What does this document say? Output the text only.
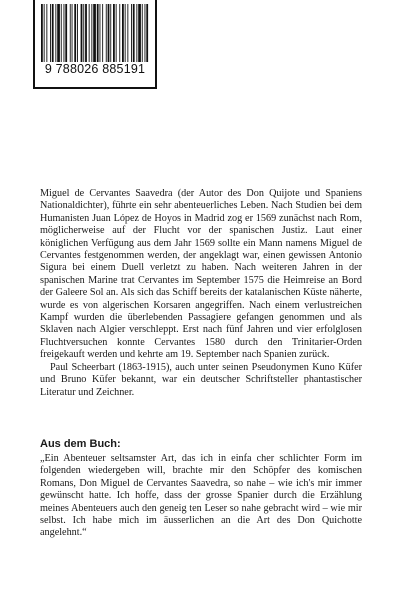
9 788026 885191

Miguel de Cervantes Saavedra (der Autor des Don Quijote und Spaniens Nationaldichter), führte ein sehr abenteuerliches Leben. Nach Studien bei dem Humanisten Juan López de Hoyos in Madrid zog er 1569 zunächst nach Rom, möglicherweise auf der Flucht vor der spanischen Justiz. Laut einer königlichen Verfügung aus dem Jahr 1569 sollte ein Mann namens Miguel de Cervantes festgenommen werden, der angeklagt war, einen gewissen Antonio Sigura bei einem Duell verletzt zu haben. Nach weiteren Jahren in der spanischen Marine trat Cervantes im September 1575 die Heimreise an Bord der Galeere Sol an. Als sich das Schiff bereits der katalanischen Küste näherte, wurde es von algerischen Korsaren angegriffen. Nach einem verlustreichen Kampf wurden die überlebenden Passagiere gefangen genommen und als Sklaven nach Algier verschleppt. Erst nach fünf Jahren und vier erfolglosen Fluchtversuchen konnte Cervantes 1580 durch den Trinitarier-Orden freigekauft werden und kehrte am 19. September nach Spanien zurück.

Paul Scheerbart (1863-1915), auch unter seinen Pseudonymen Kuno Küfer und Bruno Küfer bekannt, war ein deutscher Schriftsteller phantastischer Literatur und Zeichner.

Aus dem Buch:

„Ein Abenteuer seltsamster Art, das ich in einfa cher schlichter Form im folgenden wiedergeben will, brachte mir den Schöpfer des komischen Romans, Don Miguel de Cervantes Saavedra, so nahe – wie ich's mir immer gewünscht hatte. Ich hoffe, dass der grosse Spanier durch die Erzählung meines Abenteuers auch den geneig ten Leser so nahe gebracht wird – wie mir selbst. Ich habe mich im äusserlichen an die Art des Don Quichotte angelehnt.“
